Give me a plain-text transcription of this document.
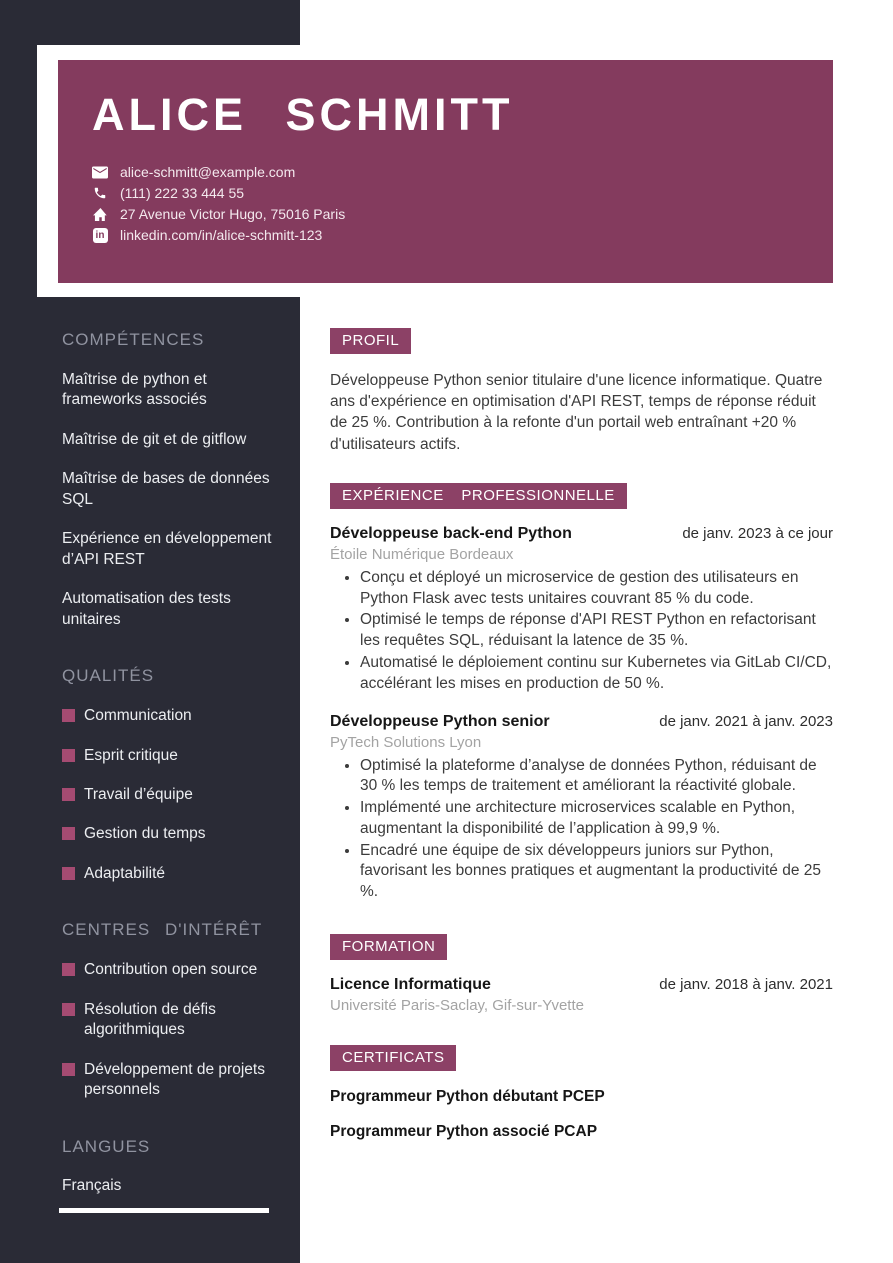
ALICE SCHMITT
alice-schmitt@example.com
(111) 222 33 444 55
27 Avenue Victor Hugo, 75016 Paris
in
linkedin.com/in/alice-schmitt-123
COMPÉTENCES
Maîtrise de python et frameworks associés
Maîtrise de git et de gitflow
Maîtrise de bases de données SQL
Expérience en développement d’API REST
Automatisation des tests unitaires
QUALITÉS
Communication
Esprit critique
Travail d’équipe
Gestion du temps
Adaptabilité
CENTRES D'INTÉRÊT
Contribution open source
Résolution de défis algorithmiques
Développement de projets personnels
LANGUES
Français
PROFIL

Développeuse Python senior titulaire d'une licence informatique. Quatre ans d'expérience en optimisation d'API REST, temps de réponse réduit de 25 %. Contribution à la refonte d'un portail web entraînant +20 % d'utilisateurs actifs.

EXPÉRIENCE PROFESSIONNELLE
Développeuse back-end Python	de janv. 2023 à ce jour
Étoile Numérique Bordeaux
• Conçu et déployé un microservice de gestion des utilisateurs en Python Flask avec tests unitaires couvrant 85 % du code.
• Optimisé le temps de réponse d'API REST Python en refactorisant les requêtes SQL, réduisant la latence de 35 %.
• Automatisé le déploiement continu sur Kubernetes via GitLab CI/CD, accélérant les mises en production de 50 %.
Développeuse Python senior	de janv. 2021 à janv. 2023
PyTech Solutions Lyon
• Optimisé la plateforme d’analyse de données Python, réduisant de 30 % les temps de traitement et améliorant la réactivité globale.
• Implémenté une architecture microservices scalable en Python, augmentant la disponibilité de l’application à 99,9 %.
• Encadré une équipe de six développeurs juniors sur Python, favorisant les bonnes pratiques et augmentant la productivité de 25 %.
FORMATION
Licence Informatique	de janv. 2018 à janv. 2021
Université Paris-Saclay, Gif-sur-Yvette
CERTIFICATS
Programmeur Python débutant PCEP
Programmeur Python associé PCAP
